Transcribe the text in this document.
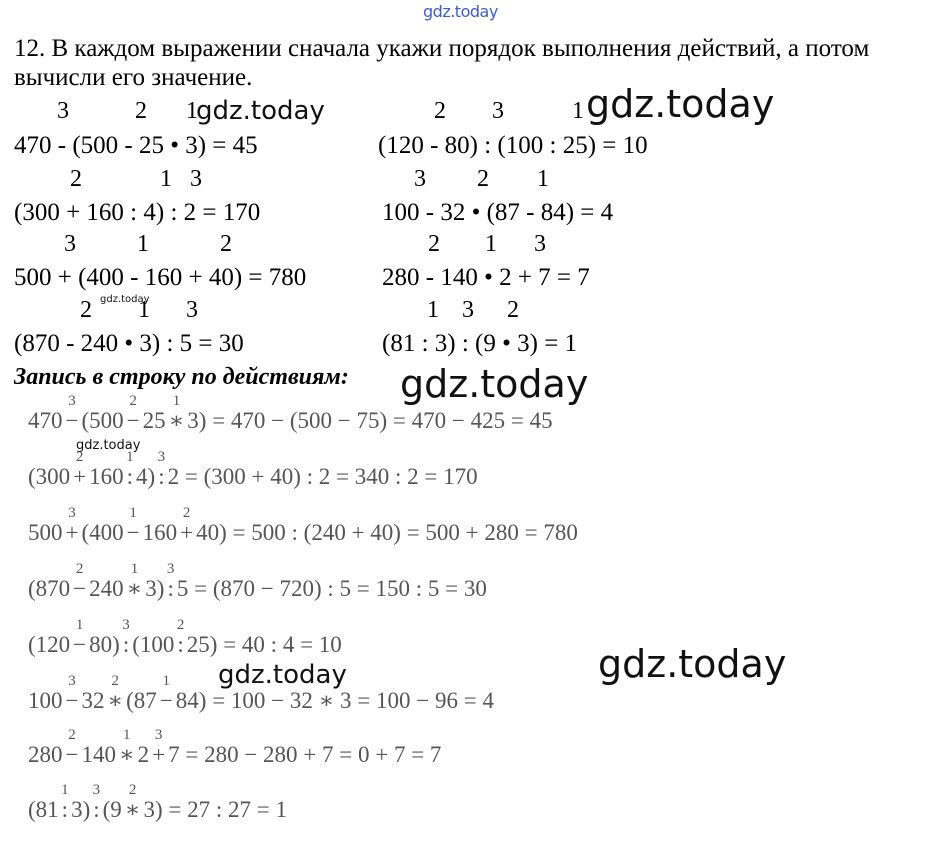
gdz.today
gdz.today	gdz.today
gdz.today
gdz.today
gdz.today
gdz.today
gdz.today
12. В каждом выражении сначала укажи порядок выполнения действий, а потом вычисли его значение.
3	2 1
470 - (500 - 25 • 3) = 45
2	1 3
(300 + 160 : 4) : 2 = 170
3	1	2
500 + (400 - 160 + 40) = 780
2 1 3
(870 - 240 • 3) : 5 = 30
2 3	1
(120 - 80) : (100 : 25) = 10
3 2 1
100 - 32 • (87 - 84) = 4
2 1 3
280 - 140 • 2 + 7 = 7
1 3 2
(81 : 3) : (9 • 3) = 1
Запись в строку по действиям:
470
3
− (500
2
− 25
1
∗ 3) = 470 − (500 − 75) = 470 − 425 = 45
(300
2
+ 160
1
: 4)
3
: 2 = (300 + 40) : 2 = 340 : 2 = 170
500
3
+ (400
1
− 160
2
+ 40) = 500 : (240 + 40) = 500 + 280 = 780
(870
2
− 240
1
∗ 3)
3
: 5 = (870 − 720) : 5 = 150 : 5 = 30
(120
1
− 80)
3
: (100
2
: 25) = 40 : 4 = 10
100
3
− 32
2
∗ (87
1
− 84) = 100 − 32 ∗ 3 = 100 − 96 = 4
280
2
− 140
1
∗ 2
3
+ 7 = 280 − 280 + 7 = 0 + 7 = 7
(81
1
: 3)
3
: (9
2
∗ 3) = 27 : 27 = 1
